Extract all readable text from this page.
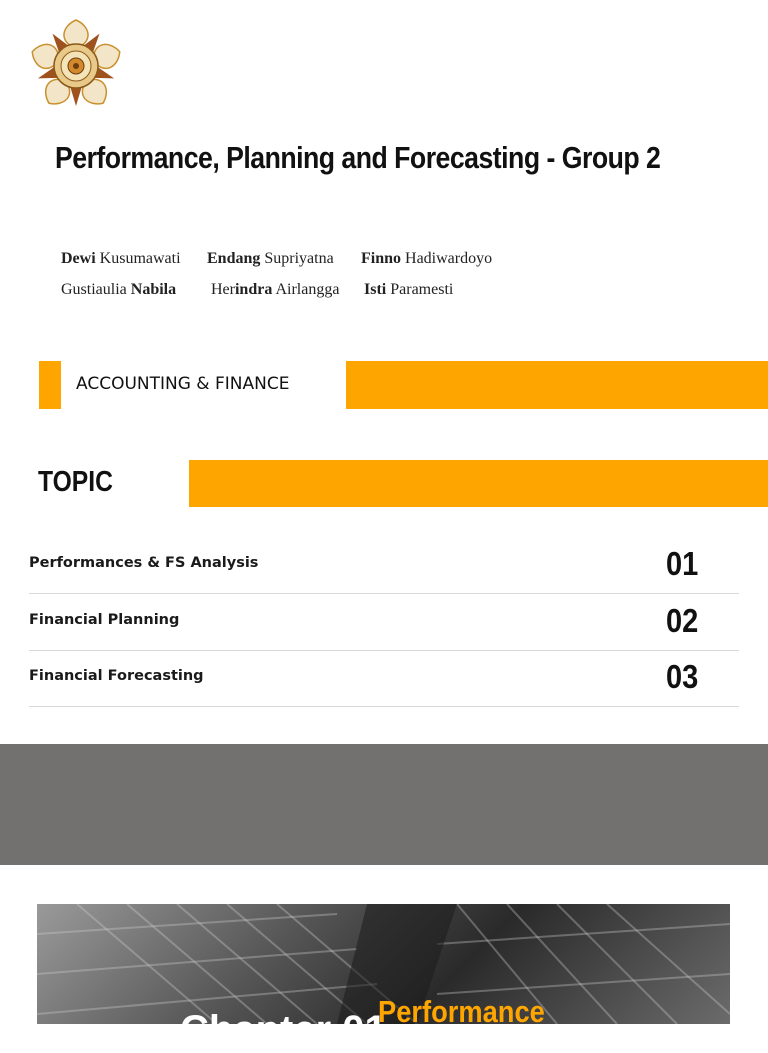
Performance, Planning and Forecasting - Group 2
Dewi Kusumawati Endang Supriyatna Finno Hadiwardoyo
Gustiaulia Nabila Herindra Airlangga Isti Paramesti
ACCOUNTING & FINANCE
TOPIC
Performances & FS Analysis	01
Financial Planning	02
Financial Forecasting	03
Chapter 01
Performance
